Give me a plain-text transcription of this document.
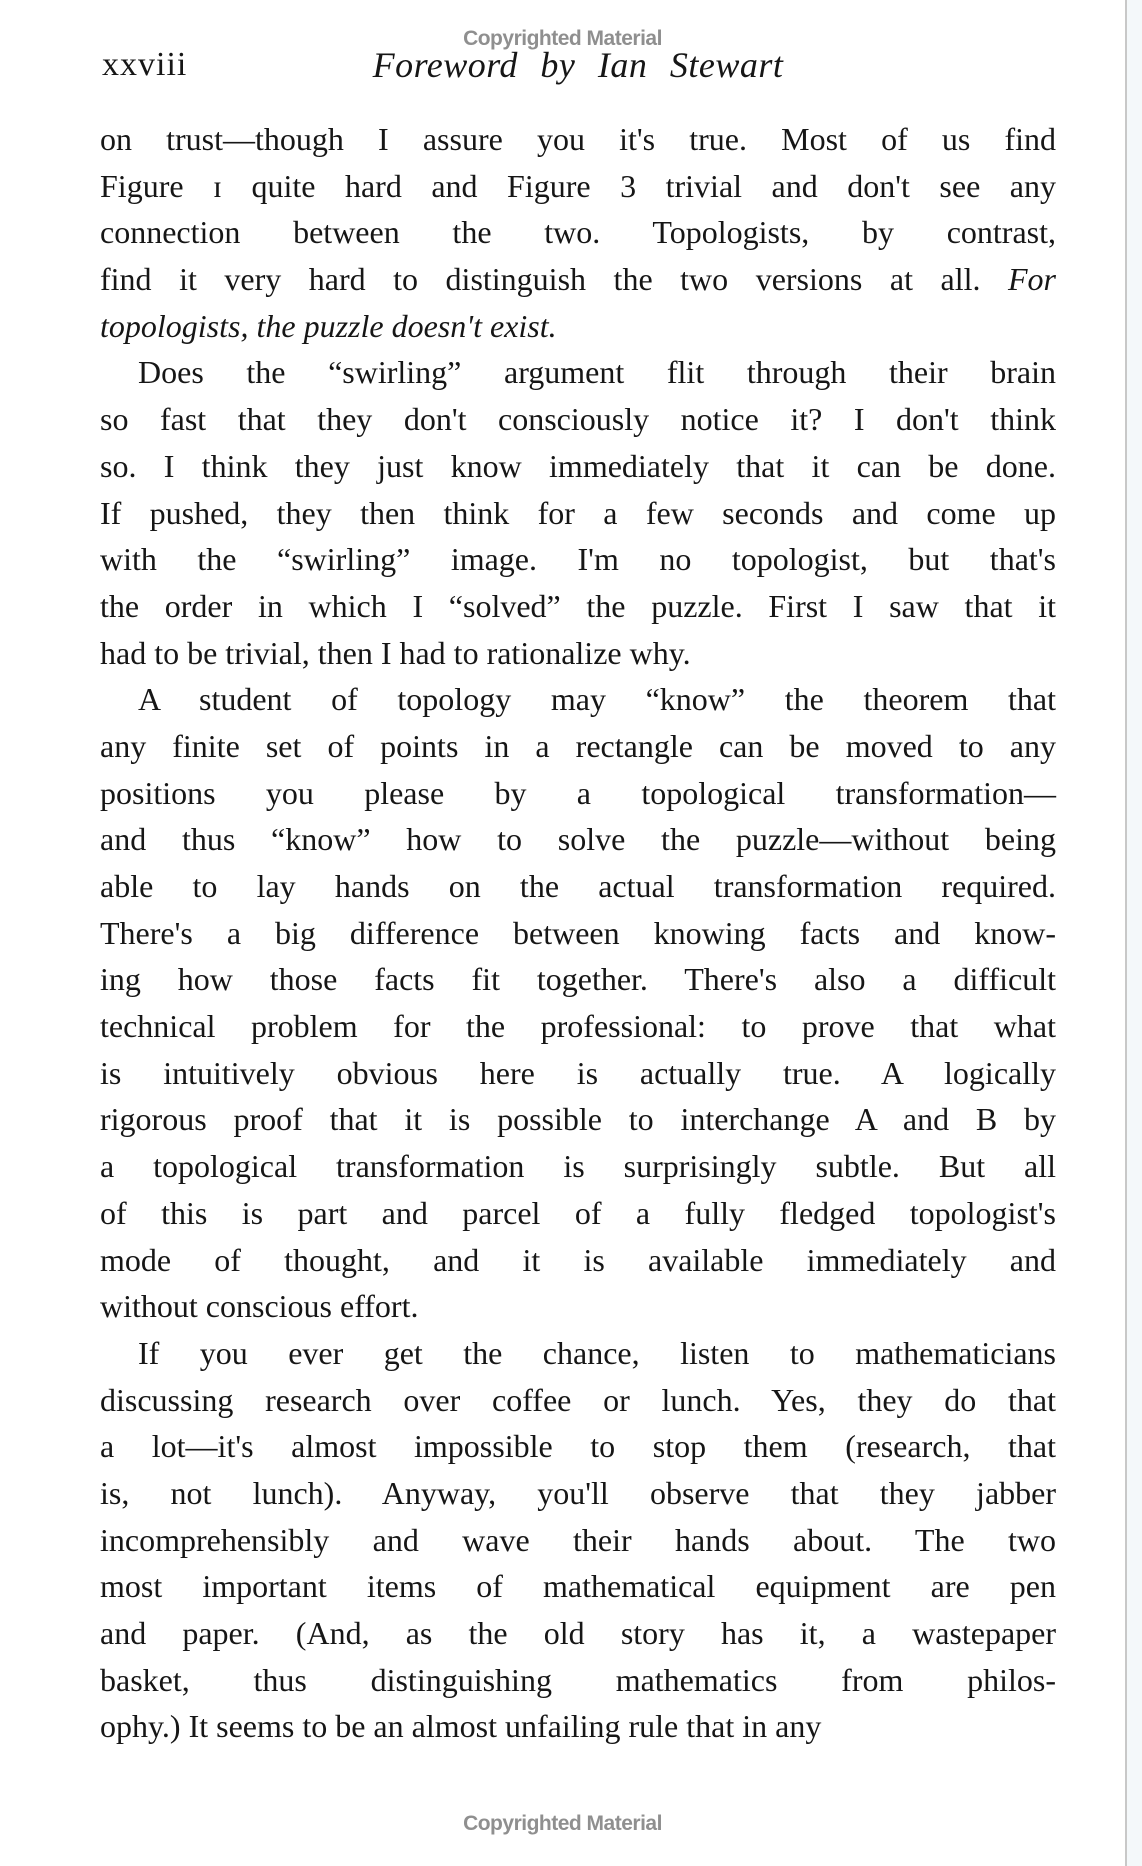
Copyrighted Material
xxviii	Foreword by Ian Stewart
on trust—though I assure you it's true. Most of us find
Figure ɪ quite hard and Figure 3 trivial and don't see any
connection between the two. Topologists, by contrast,
find it very hard to distinguish the two versions at all. For
topologists, the puzzle doesn't exist.
Does the “swirling” argument flit through their brain
so fast that they don't consciously notice it? I don't think
so. I think they just know immediately that it can be done.
If pushed, they then think for a few seconds and come up
with the “swirling” image. I'm no topologist, but that's
the order in which I “solved” the puzzle. First I saw that it
had to be trivial, then I had to rationalize why.
A student of topology may “know” the theorem that
any finite set of points in a rectangle can be moved to any
positions you please by a topological transformation—
and thus “know” how to solve the puzzle—without being
able to lay hands on the actual transformation required.
There's a big difference between knowing facts and know-
ing how those facts fit together. There's also a difficult
technical problem for the professional: to prove that what
is intuitively obvious here is actually true. A logically
rigorous proof that it is possible to interchange A and B by
a topological transformation is surprisingly subtle. But all
of this is part and parcel of a fully fledged topologist's
mode of thought, and it is available immediately and
without conscious effort.
If you ever get the chance, listen to mathematicians
discussing research over coffee or lunch. Yes, they do that
a lot—it's almost impossible to stop them (research, that
is, not lunch). Anyway, you'll observe that they jabber
incomprehensibly and wave their hands about. The two
most important items of mathematical equipment are pen
and paper. (And, as the old story has it, a wastepaper
basket, thus distinguishing mathematics from philos-
ophy.) It seems to be an almost unfailing rule that in any
Copyrighted Material
